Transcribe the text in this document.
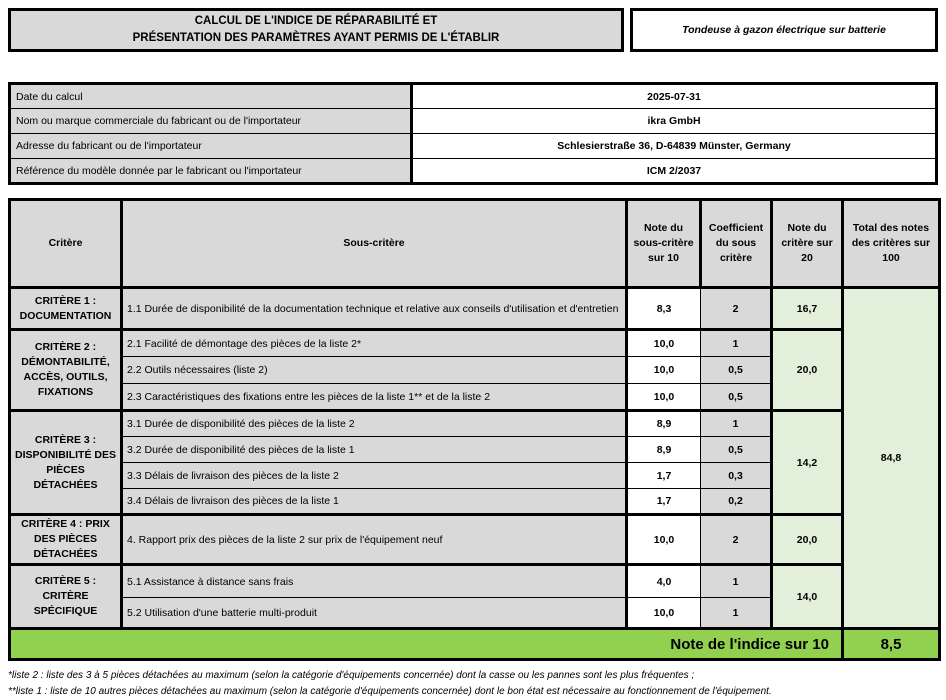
CALCUL DE L'INDICE DE RÉPARABILITÉ ET
PRÉSENTATION DES PARAMÈTRES AYANT PERMIS DE L'ÉTABLIR
Tondeuse à gazon électrique sur batterie
Date du calcul	2025-07-31
Nom ou marque commerciale du fabricant ou de l'importateur	ikra GmbH
Adresse du fabricant ou de l'importateur	Schlesierstraße 36, D-64839 Münster, Germany
Référence du modèle donnée par le fabricant ou l'importateur	ICM 2/2037
Critère	Sous-critère	Note du sous-critère sur 10	Coefficient du sous critère	Note du critère sur 20	Total des notes des critères sur 100
CRITÈRE 1 : DOCUMENTATION	1.1 Durée de disponibilité de la documentation technique et relative aux conseils d'utilisation et d'entretien	8,3	2	16,7	84,8
CRITÈRE 2 : DÉMONTABILITÉ, ACCÈS, OUTILS, FIXATIONS	2.1 Facilité de démontage des pièces de la liste 2*	10,0	1	20,0	
	2.2 Outils nécessaires (liste 2)	10,0	0,5		
	2.3 Caractéristiques des fixations entre les pièces de la liste 1** et de la liste 2	10,0	0,5		
CRITÈRE 3 : DISPONIBILITÉ DES PIÈCES DÉTACHÉES	3.1 Durée de disponibilité des pièces de la liste 2	8,9	1	14,2	
	3.2 Durée de disponibilité des pièces de la liste 1	8,9	0,5		
	3.3 Délais de livraison des pièces de la liste 2	1,7	0,3		
	3.4 Délais de livraison des pièces de la liste 1	1,7	0,2		
CRITÈRE 4 : PRIX DES PIÈCES DÉTACHÉES	4. Rapport prix des pièces de la liste 2 sur prix de l'équipement neuf	10,0	2	20,0	
CRITÈRE 5 : CRITÈRE SPÉCIFIQUE	5.1 Assistance à distance sans frais	4,0	1	14,0	
	5.2 Utilisation d'une batterie multi-produit	10,0	1		
Note de l'indice sur 10					8,5
*liste 2 : liste des 3 à 5 pièces détachées au maximum (selon la catégorie d'équipements concernée) dont la casse ou les pannes sont les plus fréquentes ;
**liste 1 : liste de 10 autres pièces détachées au maximum (selon la catégorie d'équipements concernée) dont le bon état est nécessaire au fonctionnement de l'équipement.
